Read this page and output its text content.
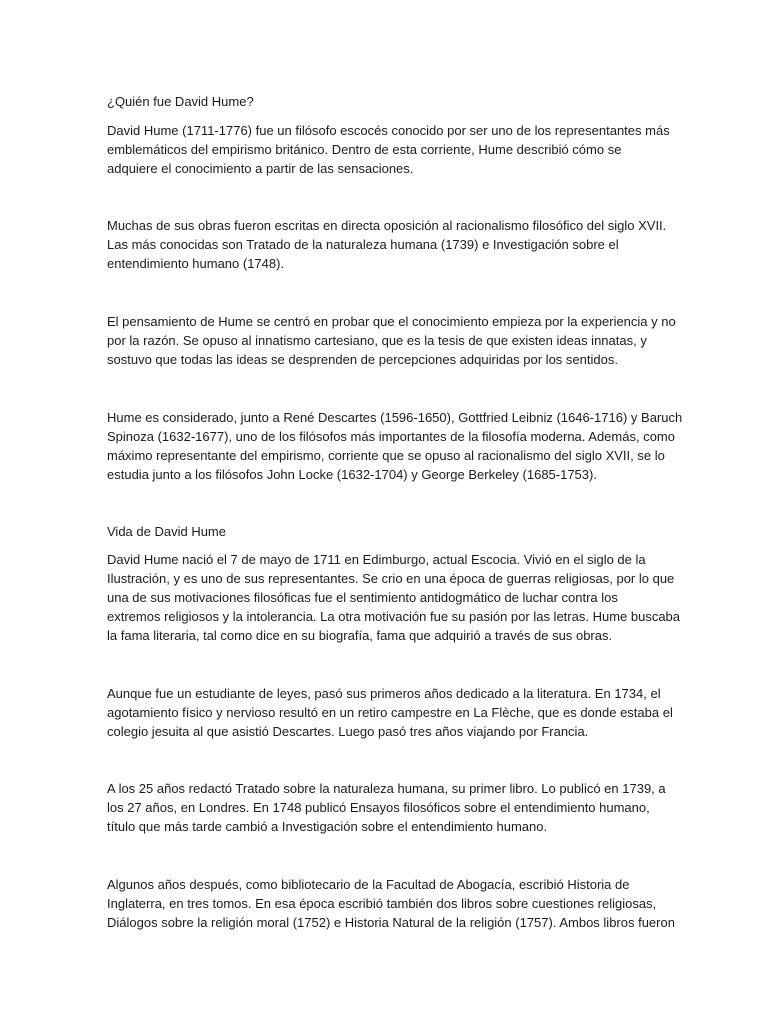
¿Quién fue David Hume?

David Hume (1711-1776) fue un filósofo escocés conocido por ser uno de los representantes más
emblemáticos del empirismo británico. Dentro de esta corriente, Hume describió cómo se
adquiere el conocimiento a partir de las sensaciones.

Muchas de sus obras fueron escritas en directa oposición al racionalismo filosófico del siglo XVII.
Las más conocidas son Tratado de la naturaleza humana (1739) e Investigación sobre el
entendimiento humano (1748).

El pensamiento de Hume se centró en probar que el conocimiento empieza por la experiencia y no
por la razón. Se opuso al innatismo cartesiano, que es la tesis de que existen ideas innatas, y
sostuvo que todas las ideas se desprenden de percepciones adquiridas por los sentidos.

Hume es considerado, junto a René Descartes (1596-1650), Gottfried Leibniz (1646-1716) y Baruch
Spinoza (1632-1677), uno de los filósofos más importantes de la filosofía moderna. Además, como
máximo representante del empirismo, corriente que se opuso al racionalismo del siglo XVII, se lo
estudia junto a los filósofos John Locke (1632-1704) y George Berkeley (1685-1753).

Vida de David Hume

David Hume nació el 7 de mayo de 1711 en Edimburgo, actual Escocia. Vivió en el siglo de la
Ilustración, y es uno de sus representantes. Se crio en una época de guerras religiosas, por lo que
una de sus motivaciones filosóficas fue el sentimiento antidogmático de luchar contra los
extremos religiosos y la intolerancia. La otra motivación fue su pasión por las letras. Hume buscaba
la fama literaria, tal como dice en su biografía, fama que adquirió a través de sus obras.

Aunque fue un estudiante de leyes, pasó sus primeros años dedicado a la literatura. En 1734, el
agotamiento físico y nervioso resultó en un retiro campestre en La Flèche, que es donde estaba el
colegio jesuita al que asistió Descartes. Luego pasó tres años viajando por Francia.

A los 25 años redactó Tratado sobre la naturaleza humana, su primer libro. Lo publicó en 1739, a
los 27 años, en Londres. En 1748 publicó Ensayos filosóficos sobre el entendimiento humano,
título que más tarde cambió a Investigación sobre el entendimiento humano.

Algunos años después, como bibliotecario de la Facultad de Abogacía, escribió Historia de
Inglaterra, en tres tomos. En esa época escribió también dos libros sobre cuestiones religiosas,
Diálogos sobre la religión moral (1752) e Historia Natural de la religión (1757). Ambos libros fueron
